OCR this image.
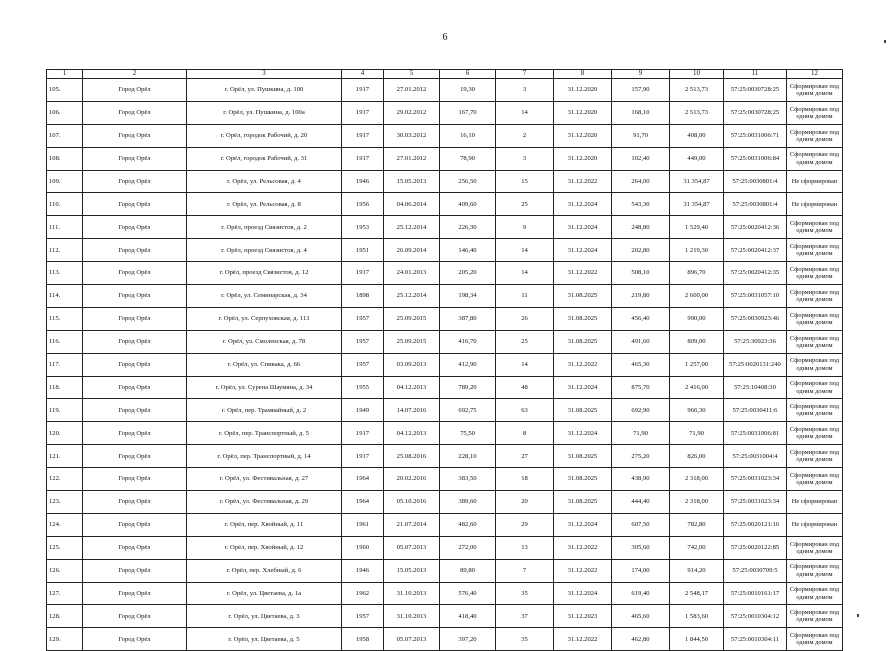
6
1	2	3	4	5	6	7	8	9	10	11	12
105.	Город Орёл	г. Орёл, ул. Пушкина, д. 100	1917	27.01.2012	19,30	3	31.12.2020	157,90	2 513,73	57:25:0030728:25	Сформирован под одним домом
106.	Город Орёл	г. Орёл, ул. Пушкина, д. 100а	1917	29.02.2012	167,70	14	31.12.2020	168,10	2 513,73	57:25:0030728:25	Сформирован под одним домом
107.	Город Орёл	г. Орёл, городок Рабочий, д. 20	1917	30.03.2012	16,10	2	31.12.2020	91,70	408,00	57:25:0031006:71	Сформирован под одним домом
108.	Город Орёл	г. Орёл, городок Рабочий, д. 31	1917	27.01.2012	78,90	3	31.12.2020	102,40	449,00	57:25:0031006:84	Сформирован под одним домом
109.	Город Орёл	г. Орёл, ул. Рельсовая, д. 4	1946	15.05.2013	256,50	15	31.12.2022	264,00	31 354,87	57:25:0030801:4	Не сформирован
110.	Город Орёл	г. Орёл, ул. Рельсовая, д. 8	1956	04.06.2014	409,60	25	31.12.2024	543,30	31 354,87	57:25:0030801:4	Не сформирован
111.	Город Орёл	г. Орёл, проезд Связистов, д. 2	1953	25.12.2014	226,30	9	31.12.2024	248,80	1 529,40	57:25:0020412:36	Сформирован под одним домом
112.	Город Орёл	г. Орёл, проезд Связистов, д. 4	1951	26.09.2014	146,40	14	31.12.2024	202,80	1 219,30	57:25:0020412:37	Сформирован под одним домом
113.	Город Орёл	г. Орёл, проезд Связистов, д. 12	1917	24.01.2013	205,20	14	31.12.2022	508,10	896,70	57:25:0020412:35	Сформирован под одним домом
114.	Город Орёл	г. Орёл, ул. Семинарская, д. 34	1898	25.12.2014	198,34	11	31.08.2025	219,80	2 600,00	57:25:0031057:10	Сформирован под одним домом
115.	Город Орёл	г. Орёл, ул. Серпуховская, д. 113	1957	25.09.2015	387,80	26	31.08.2025	456,40	990,00	57:25:0030923:46	Сформирован под одним домом
116.	Город Орёл	г. Орёл, ул. Смоленская, д. 78	1957	25.09.2015	416,70	25	31.08.2025	491,60	809,00	57:25:30923:36	Сформирован под одним домом
117.	Город Орёл	г. Орёл, ул. Спивака, д. 66	1957	03.09.2013	412,90	14	31.12.2022	465,30	1 257,00	57:25:0020131:240	Сформирован под одним домом
118.	Город Орёл	г. Орёл, ул. Сурена Шаумяна, д. 34	1955	04.12.2013	789,20	48	31.12.2024	875,70	2 416,00	57:25:10408:30	Сформирован под одним домом
119.	Город Орёл	г. Орёл, пер. Трамвайный, д. 2	1949	14.07.2016	692,75	63	31.08.2025	692,90	966,30	57:25:0030411:6	Сформирован под одним домом
120.	Город Орёл	г. Орёл, пер. Транспортный, д. 5	1917	04.12.2013	75,50	8	31.12.2024	71,90	71,90	57:25:0031006:81	Сформирован под одним домом
121.	Город Орёл	г. Орёл, пер. Транспортный, д. 14	1917	25.08.2016	228,10	27	31.08.2025	275,20	826,00	57:25:0031004:4	Сформирован под одним домом
122.	Город Орёл	г. Орёл, ул. Фестивальная, д. 27	1964	20.02.2016	383,50	18	31.08.2025	438,90	2 318,00	57:25:0031023:34	Сформирован под одним домом
123.	Город Орёл	г. Орёл, ул. Фестивальная, д. 29	1964	05.10.2016	389,60	20	31.08.2025	444,40	2 318,00	57:25:0031023:34	Не сформирован
124.	Город Орёл	г. Орёл, пер. Хвойный, д. 11	1961	21.07.2014	482,60	29	31.12.2024	607,50	782,80	57:25:0020121:16	Не сформирован
125.	Город Орёл	г. Орёл, пер. Хвойный, д. 12	1960	05.07.2013	272,00	13	31.12.2022	305,60	742,00	57:25:0020122:85	Сформирован под одним домом
126.	Город Орёл	г. Орёл, пер. Хлебный, д. 6	1946	15.05.2013	89,80	7	31.12.2022	174,00	914,20	57:25:0030709:5	Сформирован под одним домом
127.	Город Орёл	г. Орёл, ул. Цветаева, д. 1а	1962	31.10.2013	576,40	35	31.12.2024	619,40	2 548,17	57:25:0010161:17	Сформирован под одним домом
128.	Город Орёл	г. Орёл, ул. Цветаева, д. 3	1957	31.10.2013	418,40	37	31.12.2023	465,60	1 583,60	57:25:0010304:12	Сформирован под одним домом
129.	Город Орёл	г. Орёл, ул. Цветаева, д. 5	1958	05.07.2013	397,20	35	31.12.2022	462,80	1 844,50	57:25:0010304:11	Сформирован под одним домом
